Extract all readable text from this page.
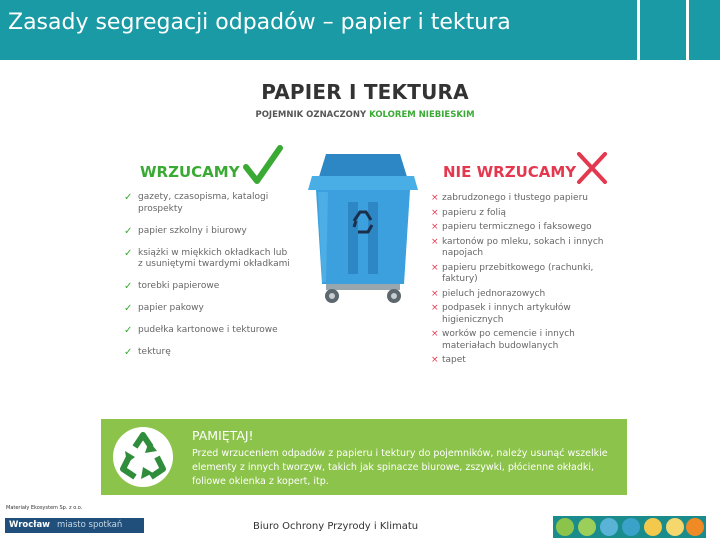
Zasady segregacji odpadów – papier i tektura
PAPIER I TEKTURA
POJEMNIK OZNACZONY KOLOREM NIEBIESKIM
WRZUCAMY	NIE WRZUCAMY
✓ gazety, czasopisma, katalogi prospekty
✓ papier szkolny i biurowy
✓ książki w miękkich okładkach lub z usuniętymi twardymi okładkami
✓ torebki papierowe
✓ papier pakowy
✓ pudełka kartonowe i tekturowe
✓ tekturę
× zabrudzonego i tłustego papieru
× papieru z folią
× papieru termicznego i faksowego
× kartonów po mleku, sokach i innych napojach
× papieru przebitkowego (rachunki, faktury)
× pieluch jednorazowych
× podpasek i innych artykułów higienicznych
× worków po cemencie i innych materiałach budowlanych
× tapet
PAMIĘTAJ!
Przed wrzuceniem odpadów z papieru i tektury do pojemników, należy usunąć wszelkie elementy z innych tworzyw, takich jak spinacze biurowe, zszywki, płócienne okładki, foliowe okienka z kopert, itp.
Materiały Ekosystem Sp. z o.o.
Wrocław miasto spotkań	Biuro Ochrony Przyrody i Klimatu
